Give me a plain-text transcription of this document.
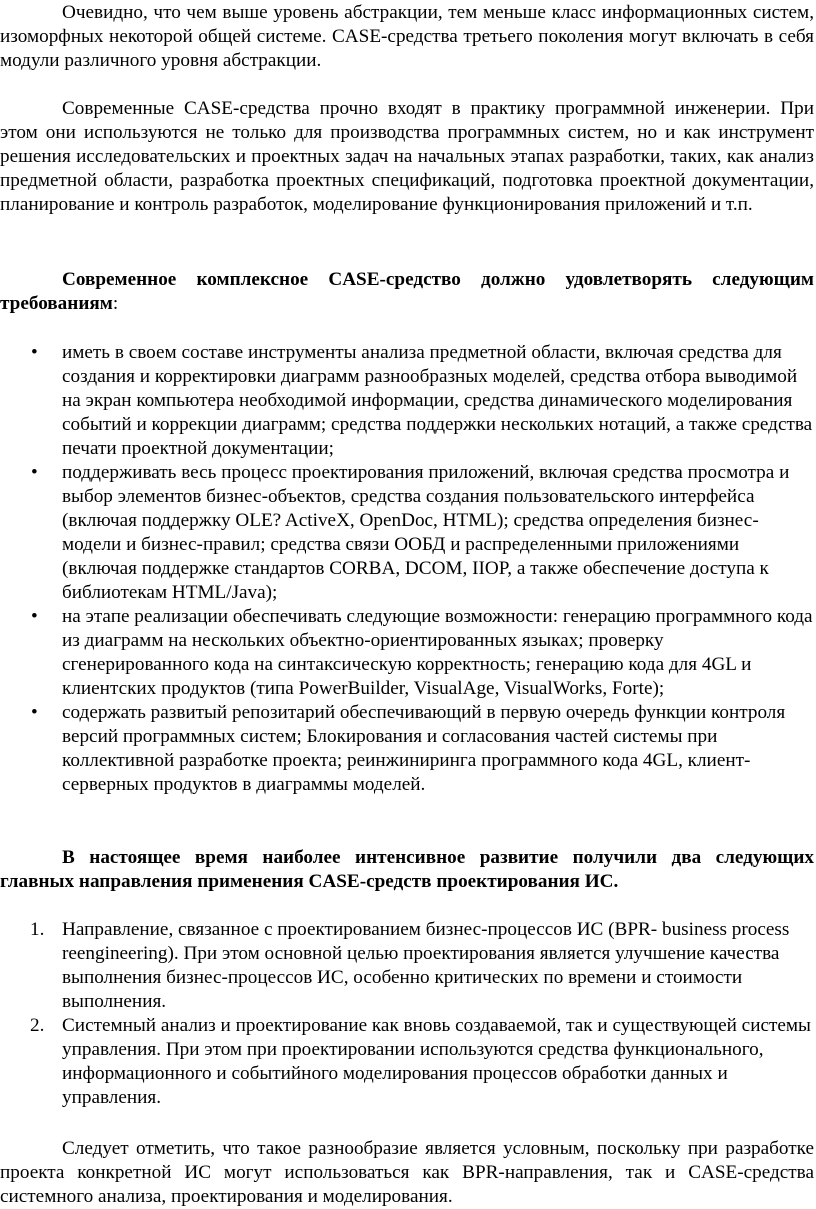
Очевидно, что чем выше уровень абстракции, тем меньше класс информационных систем, изоморфных некоторой общей системе. CASE-средства третьего поколения могут включать в себя модули различного уровня абстракции.

Современные CASE-средства прочно входят в практику программной инженерии. При этом они используются не только для производства программных систем, но и как инструмент решения исследовательских и проектных задач на начальных этапах разработки, таких, как анализ предметной области, разработка проектных спецификаций, подготовка проектной документации, планирование и контроль разработок, моделирование функционирования приложений и т.п.

Современное комплексное CASE-средство должно удовлетворять следующим требованиям:

• иметь в своем составе инструменты анализа предметной области, включая средства для создания и корректировки диаграмм разнообразных моделей, средства отбора выводимой на экран компьютера необходимой информации, средства динамического моделирования событий и коррекции диаграмм; средства поддержки нескольких нотаций, а также средства печати проектной документации;
• поддерживать весь процесс проектирования приложений, включая средства просмотра и выбор элементов бизнес-объектов, средства создания пользовательского интерфейса (включая поддержку OLE? ActiveX, OpenDoc, HTML); средства определения бизнес-модели и бизнес-правил; средства связи ООБД и распределенными приложениями (включая поддержке стандартов CORBA, DCOM, IIOP, а также обеспечение доступа к библиотекам HTML/Java);
• на этапе реализации обеспечивать следующие возможности: генерацию программного кода из диаграмм на нескольких объектно-ориентированных языках; проверку сгенерированного кода на синтаксическую корректность; генерацию кода для 4GL и клиентских продуктов (типа PowerBuilder, VisualAge, VisualWorks, Forte);
• содержать развитый репозитарий обеспечивающий в первую очередь функции контроля версий программных систем; Блокирования и согласования частей системы при коллективной разработке проекта; реинжиниринга программного кода 4GL, клиент-серверных продуктов в диаграммы моделей.

В настоящее время наиболее интенсивное развитие получили два следующих главных направления применения CASE-средств проектирования ИС.

1. Направление, связанное с проектированием бизнес-процессов ИС (BPR- business process reengineering). При этом основной целью проектирования является улучшение качества выполнения бизнес-процессов ИС, особенно критических по времени и стоимости выполнения.
2. Системный анализ и проектирование как вновь создаваемой, так и существующей системы управления. При этом при проектировании используются средства функционального, информационного и событийного моделирования процессов обработки данных и управления.

Следует отметить, что такое разнообразие является условным, поскольку при разработке проекта конкретной ИС могут использоваться как BPR-направления, так и CASE-средства системного анализа, проектирования и моделирования.
